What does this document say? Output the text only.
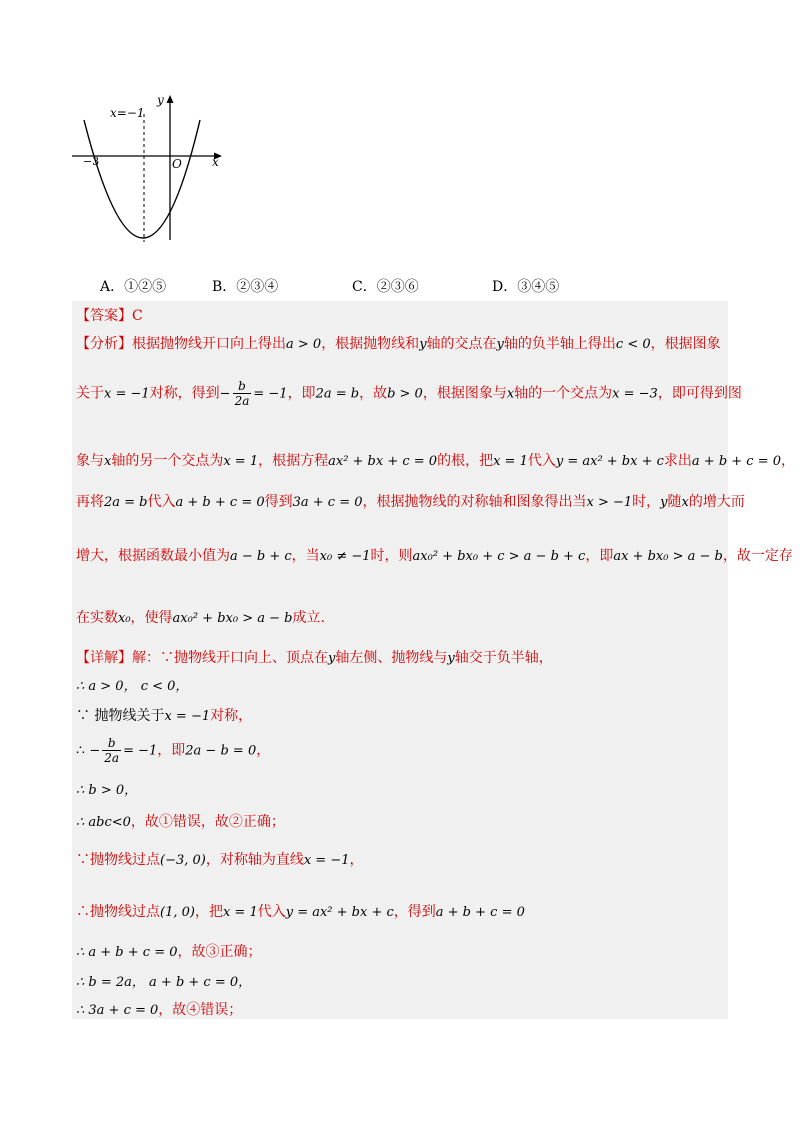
x=−1
y
x
O
−3
A．①②⑤	B．②③④	C．②③⑥	D．③④⑤
【答案】C
【分析】根据抛物线开口向上得出a > 0，根据抛物线和y轴的交点在y轴的负半轴上得出c < 0，根据图象
关于x = −1对称，得到− $\frac{b}{2a} = -1$，即2a = b，故b > 0，根据图象与x轴的一个交点为x = −3，即可得到图
象与x轴的另一个交点为x = 1，根据方程ax² + bx + c = 0的根，把x = 1代入y = ax² + bx + c求出a + b + c = 0，
再将2a = b代入a + b + c = 0得到3a + c = 0，根据抛物线的对称轴和图象得出当x > −1时，y随x的增大而
增大，根据函数最小值为a − b + c，当x₀ ≠ −1时，则ax₀² + bx₀ + c > a − b + c，即ax + bx₀ > a − b，故一定存
在实数x₀，使得ax₀² + bx₀ > a − b成立.
【详解】解：∵抛物线开口向上、顶点在y轴左侧、抛物线与y轴交于负半轴，
∴ a > 0， c < 0，
∵ 抛物线关于x = −1对称，
∴ − $\frac{b}{2a} = -1$，即2a − b = 0，
∴ b > 0，
∴ abc<0，故①错误，故②正确；
∵抛物线过点(−3, 0)，对称轴为直线x = −1，
∴抛物线过点(1, 0)，把x = 1代入y = ax² + bx + c，得到a + b + c = 0
∴ a + b + c = 0，故③正确；
∴ b = 2a， a + b + c = 0，
∴ 3a + c = 0，故④错误；
